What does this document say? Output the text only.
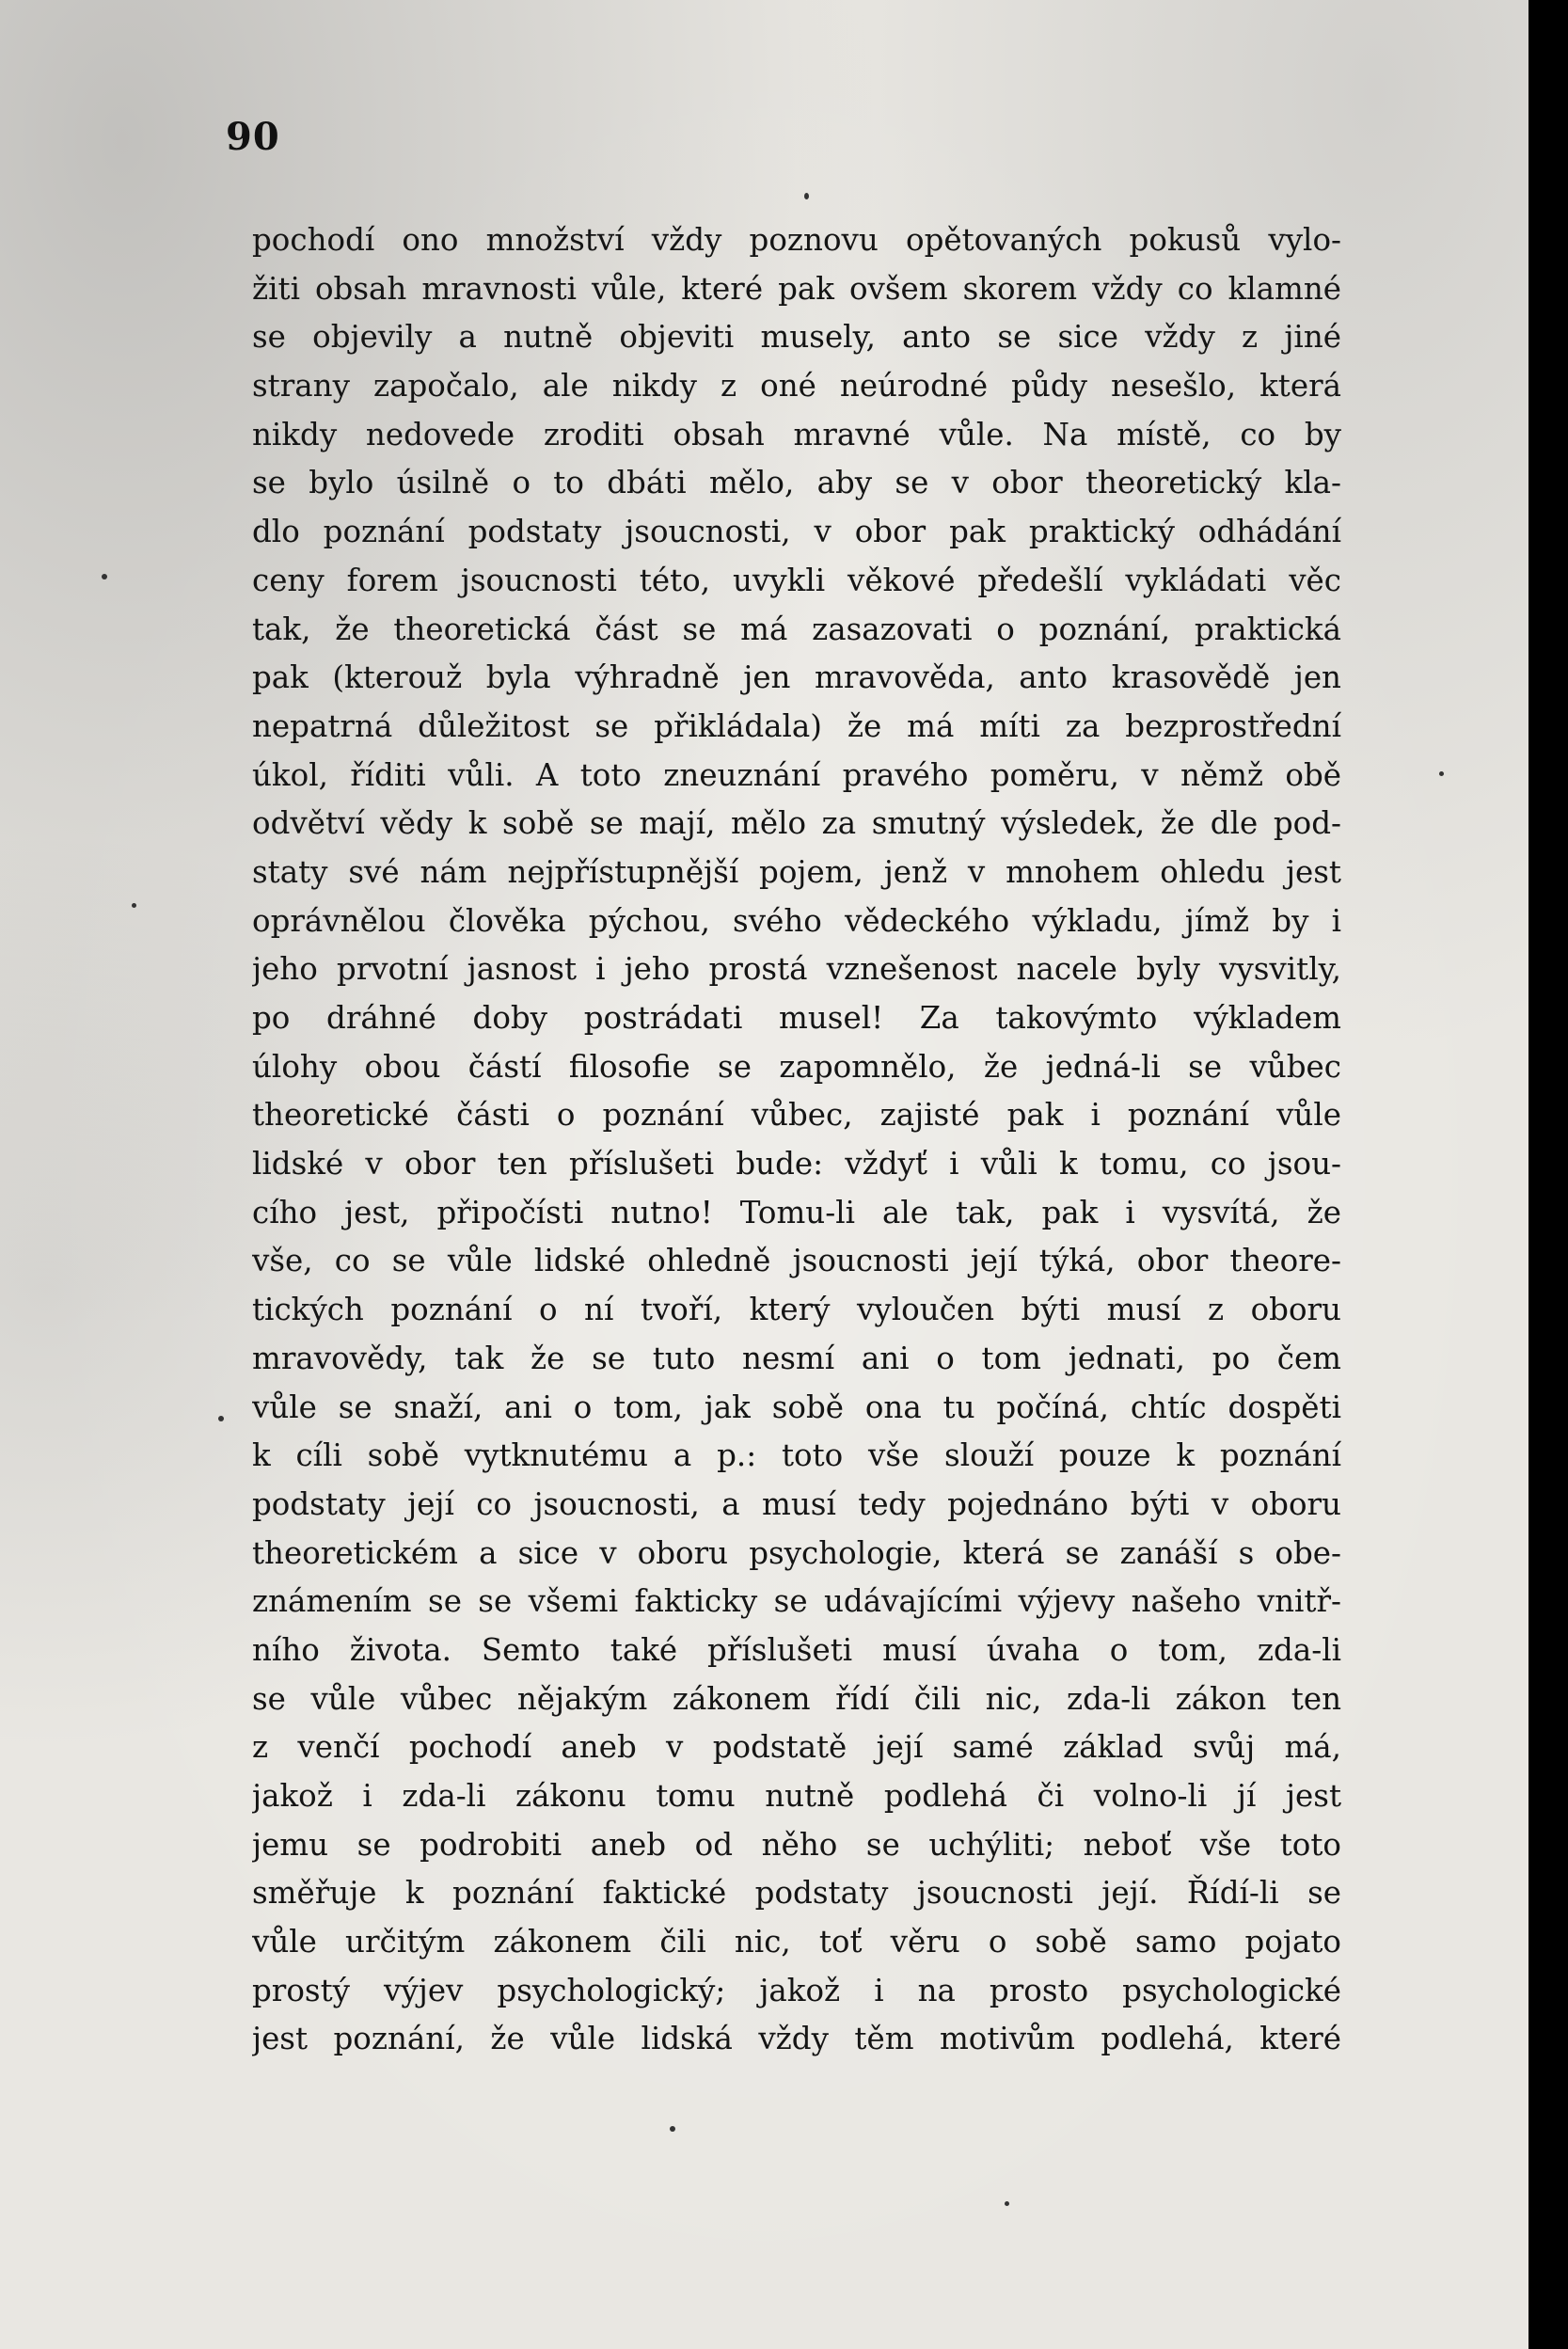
90
pochodí ono množství vždy poznovu opětovaných pokusů vylo-
žiti obsah mravnosti vůle, které pak ovšem skorem vždy co klamné
se objevily a nutně objeviti musely, anto se sice vždy z jiné
strany započalo, ale nikdy z oné neúrodné půdy nesešlo, která
nikdy nedovede zroditi obsah mravné vůle. Na místě, co by
se bylo úsilně o to dbáti mělo, aby se v obor theoretický kla-
dlo poznání podstaty jsoucnosti, v obor pak praktický odhádání
ceny forem jsoucnosti této, uvykli věkové předešlí vykládati věc
tak, že theoretická část se má zasazovati o poznání, praktická
pak (kterouž byla výhradně jen mravověda, anto krasovědě jen
nepatrná důležitost se přikládala) že má míti za bezprostřední
úkol, říditi vůli. A toto zneuznání pravého poměru, v němž obě
odvětví vědy k sobě se mají, mělo za smutný výsledek, že dle pod-
staty své nám nejpřístupnější pojem, jenž v mnohem ohledu jest
oprávnělou člověka pýchou, svého vědeckého výkladu, jímž by i
jeho prvotní jasnost i jeho prostá vznešenost nacele byly vysvitly,
po dráhné doby postrádati musel! Za takovýmto výkladem
úlohy obou částí filosofie se zapomnělo, že jedná-li se vůbec
theoretické části o poznání vůbec, zajisté pak i poznání vůle
lidské v obor ten příslušeti bude: vždyť i vůli k tomu, co jsou-
cího jest, připočísti nutno! Tomu-li ale tak, pak i vysvítá, že
vše, co se vůle lidské ohledně jsoucnosti její týká, obor theore-
tických poznání o ní tvoří, který vyloučen býti musí z oboru
mravovědy, tak že se tuto nesmí ani o tom jednati, po čem
vůle se snaží, ani o tom, jak sobě ona tu počíná, chtíc dospěti
k cíli sobě vytknutému a p.: toto vše slouží pouze k poznání
podstaty její co jsoucnosti, a musí tedy pojednáno býti v oboru
theoretickém a sice v oboru psychologie, která se zanáší s obe-
známením se se všemi fakticky se udávajícími výjevy našeho vnitř-
ního života. Semto také příslušeti musí úvaha o tom, zda-li
se vůle vůbec nějakým zákonem řídí čili nic, zda-li zákon ten
z venčí pochodí aneb v podstatě její samé základ svůj má,
jakož i zda-li zákonu tomu nutně podlehá či volno-li jí jest
jemu se podrobiti aneb od něho se uchýliti; neboť vše toto
směřuje k poznání faktické podstaty jsoucnosti její. Řídí-li se
vůle určitým zákonem čili nic, toť věru o sobě samo pojato
prostý výjev psychologický; jakož i na prosto psychologické
jest poznání, že vůle lidská vždy těm motivům podlehá, které
